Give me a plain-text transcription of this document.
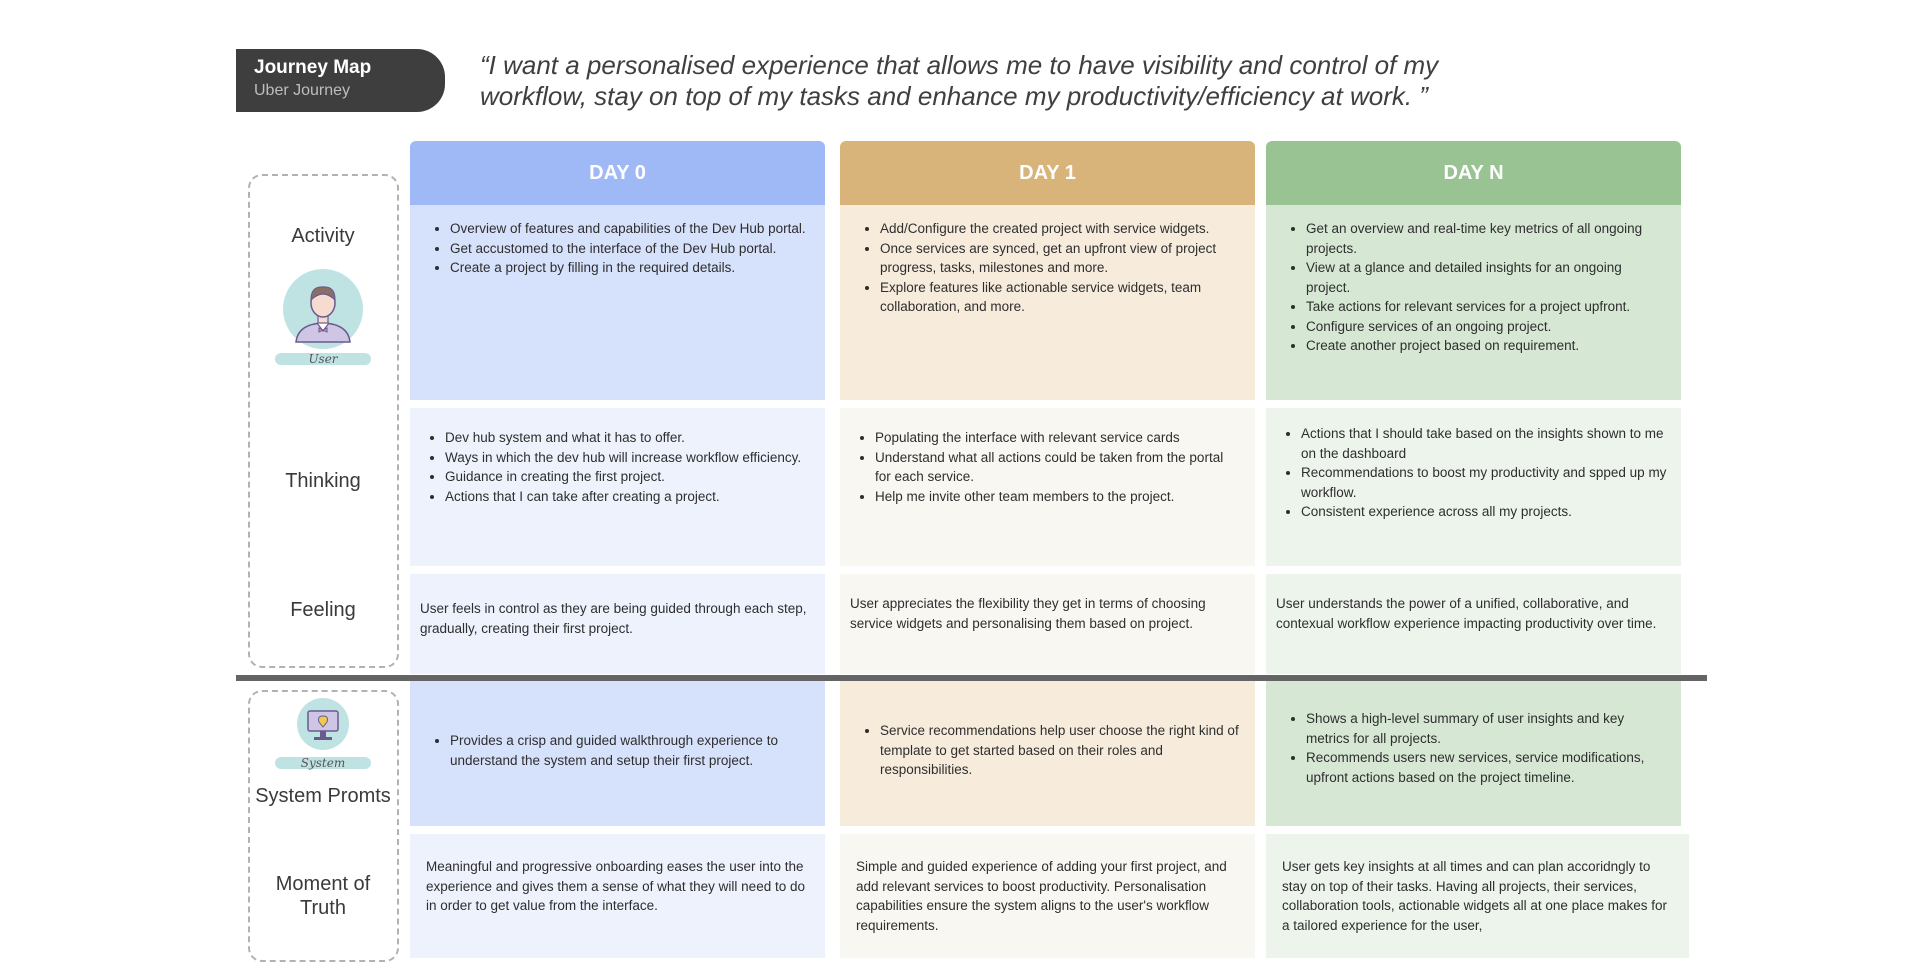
Journey Map
Uber Journey
“I want a personalised experience that allows me to have visibility and control of my
workflow, stay on top of my tasks and enhance my productivity/efficiency at work. ”
Activity
Thinking
Feeling
System Promts
Moment of Truth
User
System
DAY 0
• Overview of features and capabilities of the Dev Hub portal.
• Get accustomed to the interface of the Dev Hub portal.
• Create a project by filling in the required details.
• Dev hub system and what it has to offer.
• Ways in which the dev hub will increase workflow efficiency.
• Guidance in creating the first project.
• Actions that I can take after creating a project.

User feels in control as they are being guided through each step, gradually, creating their first project.

• Provides a crisp and guided walkthrough experience to understand the system and setup their first project.

Meaningful and progressive onboarding eases the user into the experience and gives them a sense of what they will need to do in order to get value from the interface.

DAY 1
• Add/Configure the created project with service widgets.
• Once services are synced, get an upfront view of project progress, tasks, milestones and more.
• Explore features like actionable service widgets, team collaboration, and more.
• Populating the interface with relevant service cards
• Understand what all actions could be taken from the portal for each service.
• Help me invite other team members to the project.

User appreciates the flexibility they get in terms of choosing service widgets and personalising them based on project.

• Service recommendations help user choose the right kind of template to get started based on their roles and responsibilities.

Simple and guided experience of adding your first project, and add relevant services to boost productivity. Personalisation capabilities ensure the system aligns to the user's workflow requirements.

DAY N
• Get an overview and real-time key metrics of all ongoing projects.
• View at a glance and detailed insights for an ongoing project.
• Take actions for relevant services for a project upfront.
• Configure services of an ongoing project.
• Create another project based on requirement.
• Actions that I should take based on the insights shown to me on the dashboard
• Recommendations to boost my productivity and spped up my workflow.
• Consistent experience across all my projects.

User understands the power of a unified, collaborative, and contexual workflow experience impacting productivity over time.

• Shows a high-level summary of user insights and key metrics for all projects.
• Recommends users new services, service modifications, upfront actions based on the project timeline.

User gets key insights at all times and can plan accoridngly to stay on top of their tasks. Having all projects, their services, collaboration tools, actionable widgets all at one place makes for a tailored experience for the user,
